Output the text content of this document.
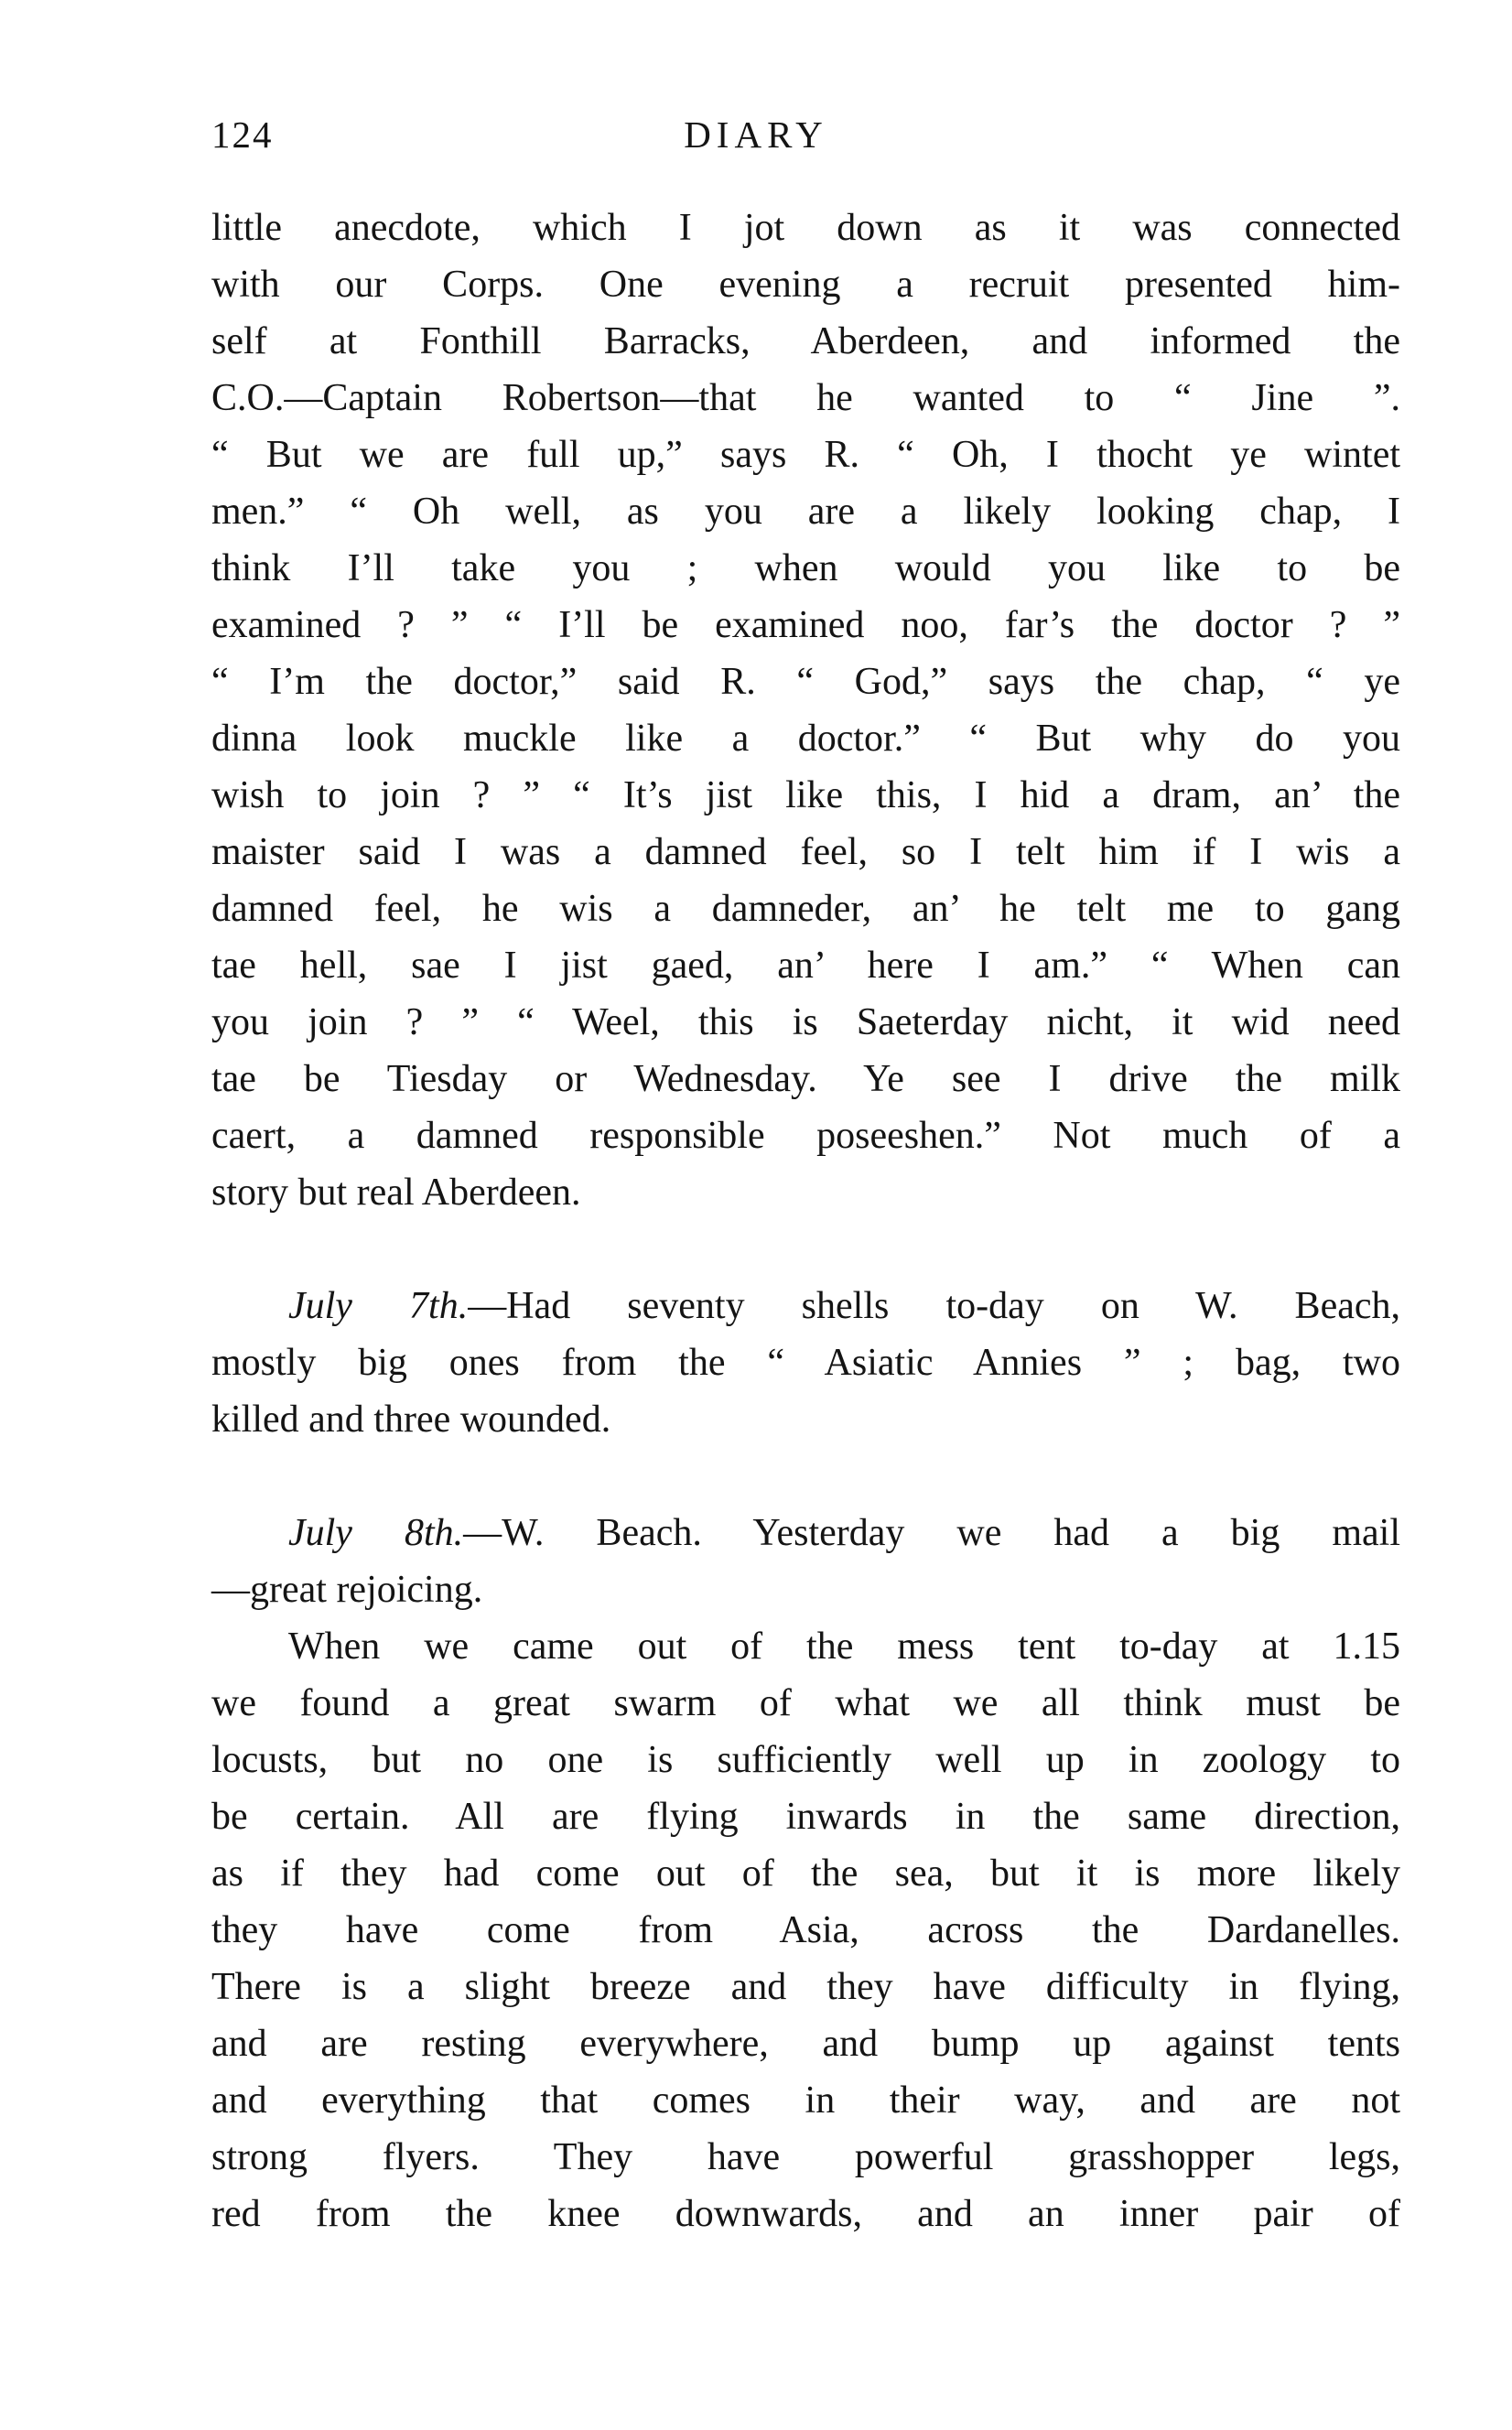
124	DIARY
little anecdote, which I jot down as it was connected
with our Corps. One evening a recruit presented him-
self at Fonthill Barracks, Aberdeen, and informed the
C.O.—Captain Robertson—that he wanted to “ Jine ”.
“ But we are full up,” says R. “ Oh, I thocht ye wintet
men.” “ Oh well, as you are a likely looking chap, I
think I’ll take you ; when would you like to be
examined ? ” “ I’ll be examined noo, far’s the doctor ? ”
“ I’m the doctor,” said R. “ God,” says the chap, “ ye
dinna look muckle like a doctor.” “ But why do you
wish to join ? ” “ It’s jist like this, I hid a dram, an’ the
maister said I was a damned feel, so I telt him if I wis a
damned feel, he wis a damneder, an’ he telt me to gang
tae hell, sae I jist gaed, an’ here I am.” “ When can
you join ? ” “ Weel, this is Saeterday nicht, it wid need
tae be Tiesday or Wednesday. Ye see I drive the milk
caert, a damned responsible poseeshen.” Not much of a
story but real Aberdeen.
July 7th.—Had seventy shells to-day on W. Beach,
mostly big ones from the “ Asiatic Annies ” ; bag, two
killed and three wounded.
July 8th.—W. Beach. Yesterday we had a big mail
—great rejoicing.
When we came out of the mess tent to-day at 1.15
we found a great swarm of what we all think must be
locusts, but no one is sufficiently well up in zoology to
be certain. All are flying inwards in the same direction,
as if they had come out of the sea, but it is more likely
they have come from Asia, across the Dardanelles.
There is a slight breeze and they have difficulty in flying,
and are resting everywhere, and bump up against tents
and everything that comes in their way, and are not
strong flyers. They have powerful grasshopper legs,
red from the knee downwards, and an inner pair of
